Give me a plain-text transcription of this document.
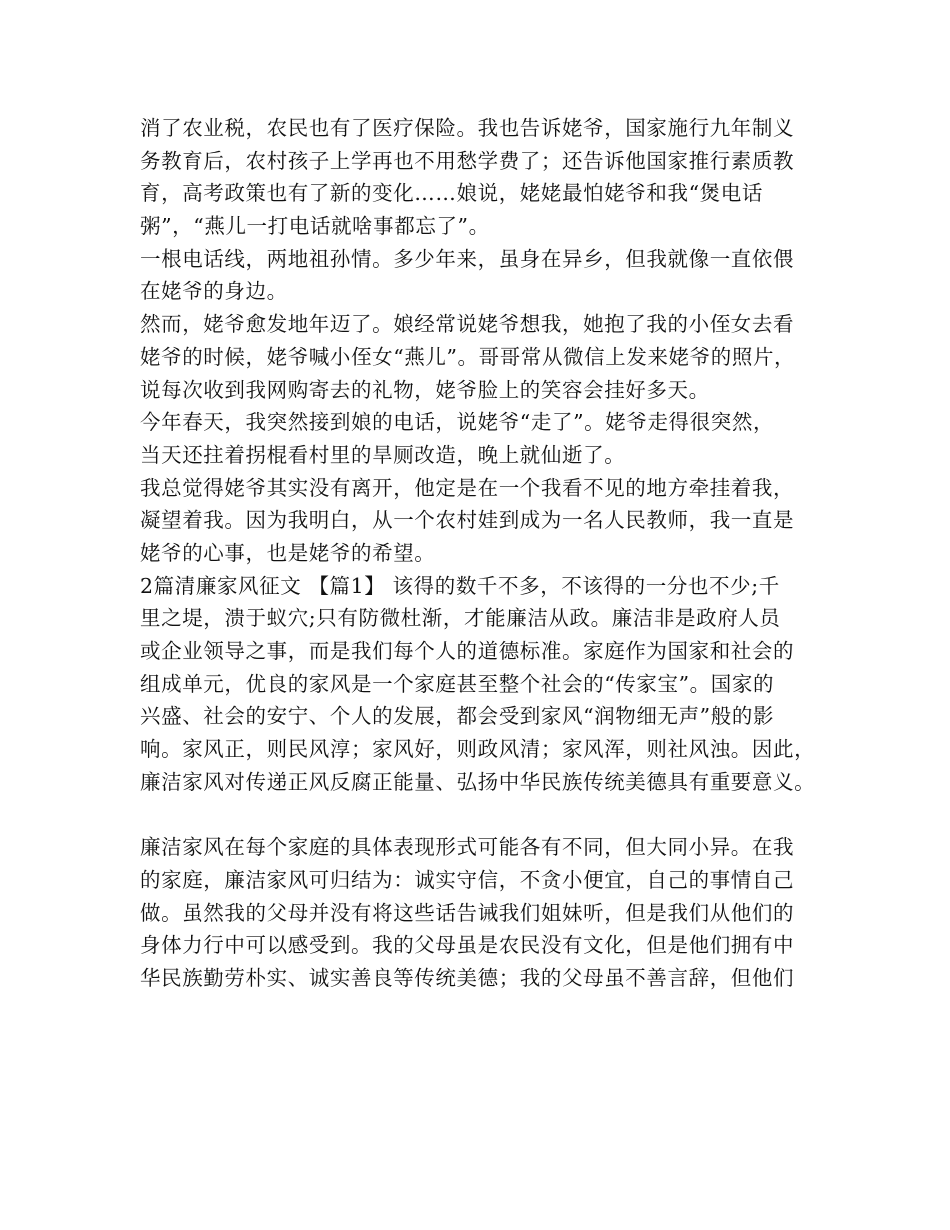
消了农业税，农民也有了医疗保险。我也告诉姥爷，国家施行九年制义
务教育后，农村孩子上学再也不用愁学费了；还告诉他国家推行素质教
育，高考政策也有了新的变化……娘说，姥姥最怕姥爷和我“煲电话
粥”，“燕儿一打电话就啥事都忘了”。
一根电话线，两地祖孙情。多少年来，虽身在异乡，但我就像一直依偎
在姥爷的身边。
然而，姥爷愈发地年迈了。娘经常说姥爷想我，她抱了我的小侄女去看
姥爷的时候，姥爷喊小侄女“燕儿”。哥哥常从微信上发来姥爷的照片，
说每次收到我网购寄去的礼物，姥爷脸上的笑容会挂好多天。
今年春天，我突然接到娘的电话，说姥爷“走了”。姥爷走得很突然，
当天还拄着拐棍看村里的旱厕改造，晚上就仙逝了。
我总觉得姥爷其实没有离开，他定是在一个我看不见的地方牵挂着我，
凝望着我。因为我明白，从一个农村娃到成为一名人民教师，我一直是
姥爷的心事，也是姥爷的希望。
2篇清廉家风征文 【篇1】 该得的数千不多，不该得的一分也不少;千
里之堤，溃于蚁穴;只有防微杜渐，才能廉洁从政。廉洁非是政府人员
或企业领导之事，而是我们每个人的道德标准。家庭作为国家和社会的
组成单元，优良的家风是一个家庭甚至整个社会的“传家宝”。国家的
兴盛、社会的安宁、个人的发展，都会受到家风“润物细无声”般的影
响。家风正，则民风淳；家风好，则政风清；家风浑，则社风浊。因此，
廉洁家风对传递正风反腐正能量、弘扬中华民族传统美德具有重要意义。
廉洁家风在每个家庭的具体表现形式可能各有不同，但大同小异。在我
的家庭，廉洁家风可归结为：诚实守信，不贪小便宜，自己的事情自己
做。虽然我的父母并没有将这些话告诫我们姐妹听，但是我们从他们的
身体力行中可以感受到。我的父母虽是农民没有文化，但是他们拥有中
华民族勤劳朴实、诚实善良等传统美德；我的父母虽不善言辞，但他们
